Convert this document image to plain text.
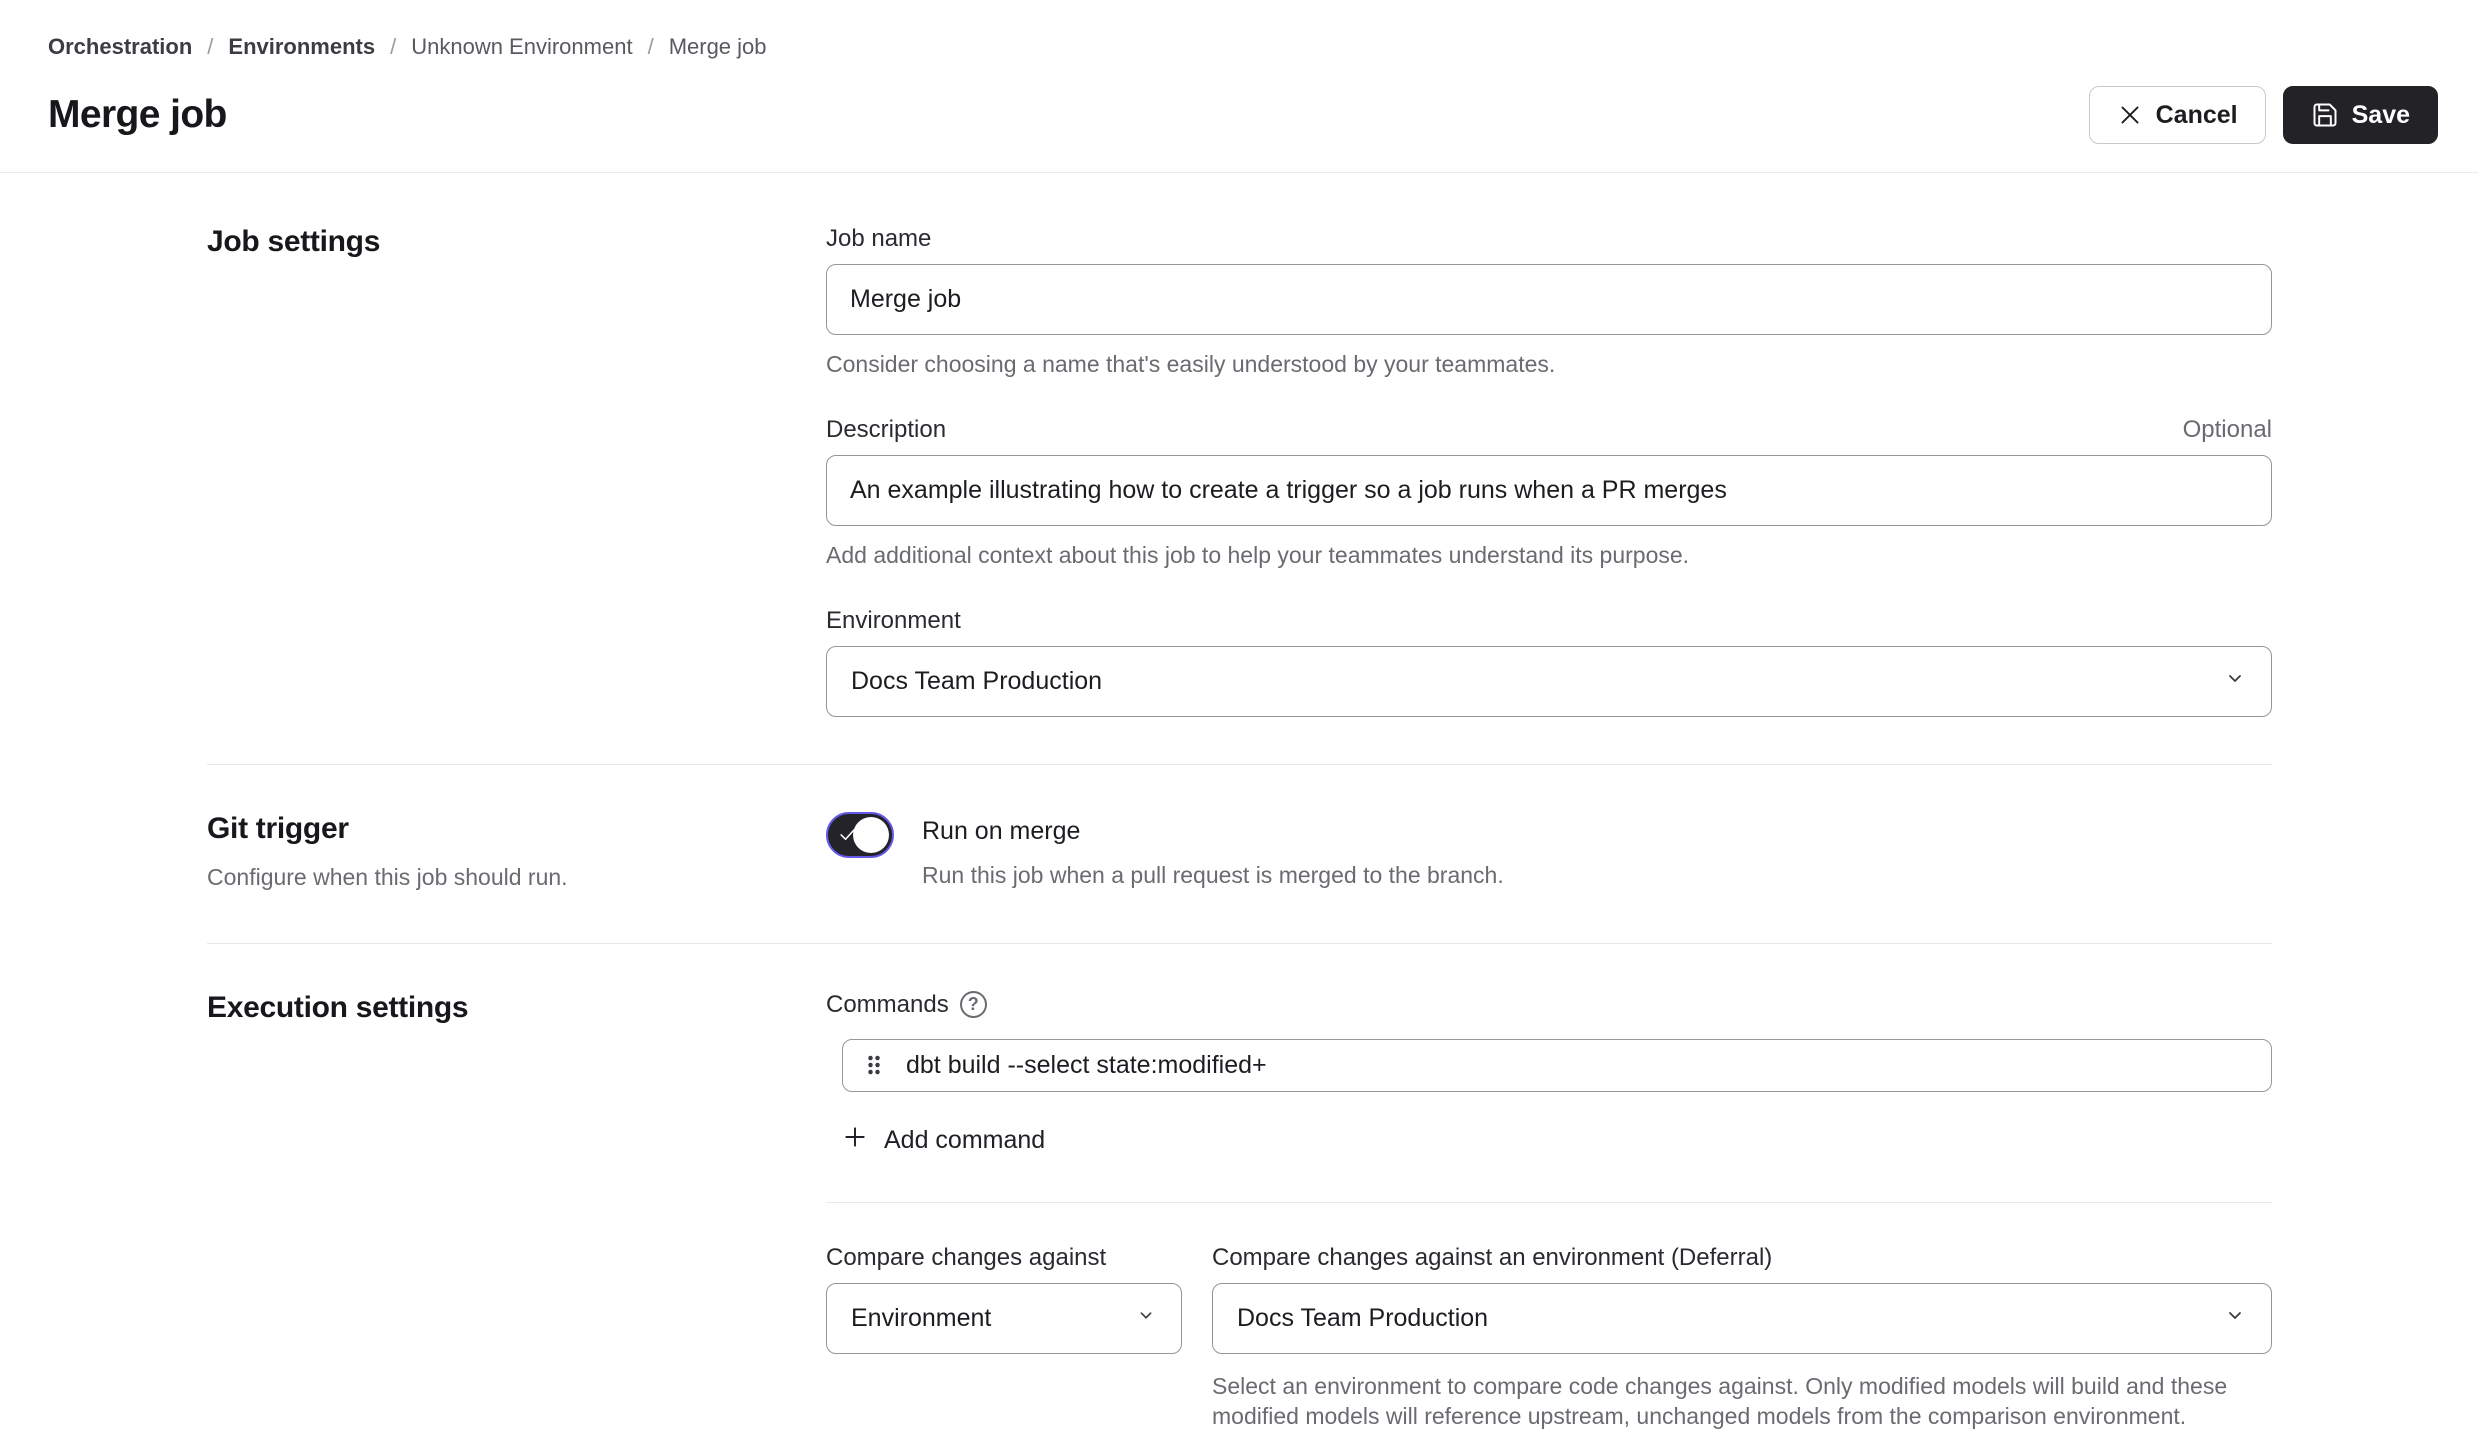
Orchestration / Environments / Unknown Environment / Merge job
Merge job	Cancel	Save
Job settings	Job name
Merge job
Consider choosing a name that's easily understood by your teammates.
Description	Optional
An example illustrating how to create a trigger so a job runs when a PR merges
Add additional context about this job to help your teammates understand its purpose.
Environment
Docs Team Production
Git trigger
Configure when this job should run.
Run on merge
Run this job when a pull request is merged to the branch.
Execution settings	Commands	?
dbt build --select state:modified+
Add command
Compare changes against
Environment
Compare changes against an environment (Deferral)
Docs Team Production
Select an environment to compare code changes against. Only modified models will build and these modified models will reference upstream, unchanged models from the comparison environment.
